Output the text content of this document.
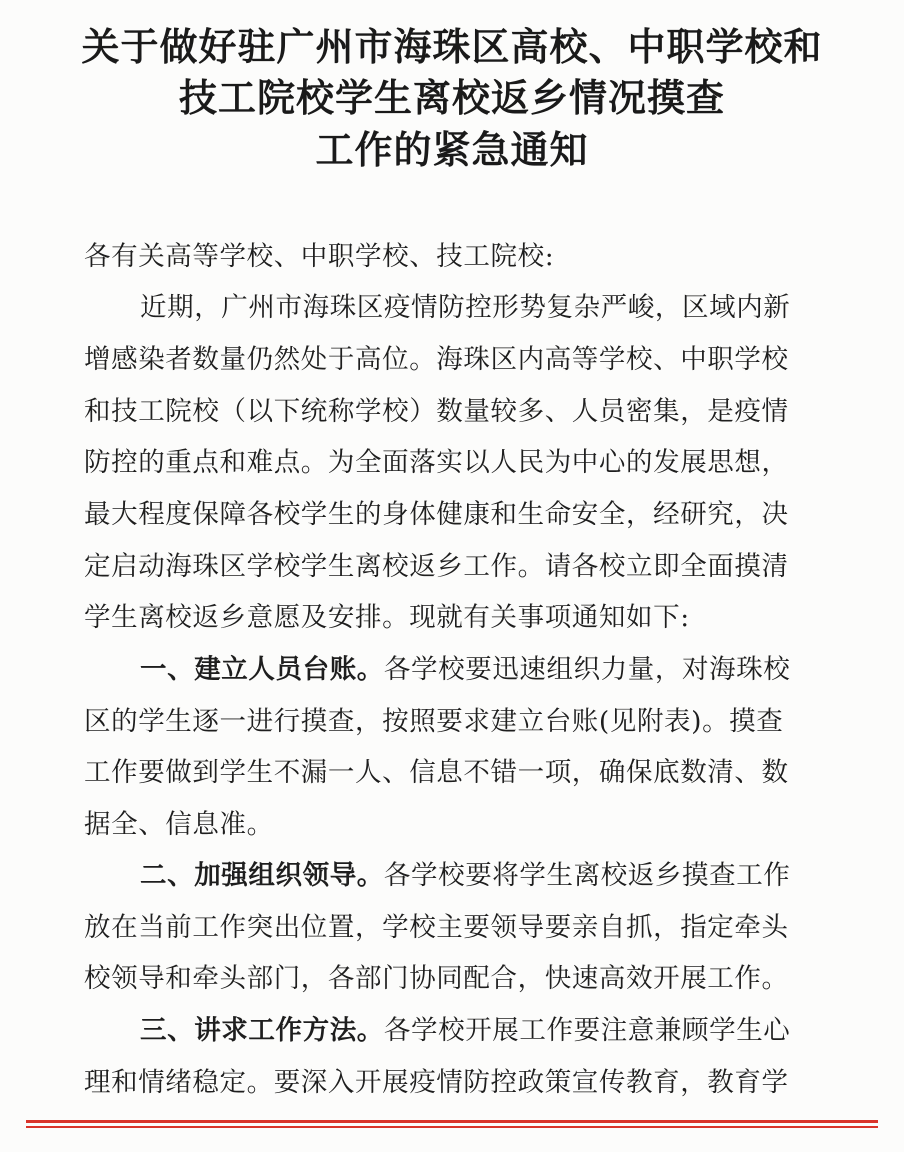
关于做好驻广州市海珠区高校、中职学校和
技工院校学生离校返乡情况摸查
工作的紧急通知
各有关高等学校、中职学校、技工院校:
近期，广州市海珠区疫情防控形势复杂严峻，区域内新
增感染者数量仍然处于高位。海珠区内高等学校、中职学校
和技工院校（以下统称学校）数量较多、人员密集，是疫情
防控的重点和难点。为全面落实以人民为中心的发展思想，
最大程度保障各校学生的身体健康和生命安全，经研究，决
定启动海珠区学校学生离校返乡工作。请各校立即全面摸清
学生离校返乡意愿及安排。现就有关事项通知如下:
一、建立人员台账。各学校要迅速组织力量，对海珠校
区的学生逐一进行摸查，按照要求建立台账(见附表)。摸查
工作要做到学生不漏一人、信息不错一项，确保底数清、数
据全、信息准。
二、加强组织领导。各学校要将学生离校返乡摸查工作
放在当前工作突出位置，学校主要领导要亲自抓，指定牵头
校领导和牵头部门，各部门协同配合，快速高效开展工作。
三、讲求工作方法。各学校开展工作要注意兼顾学生心
理和情绪稳定。要深入开展疫情防控政策宣传教育，教育学
